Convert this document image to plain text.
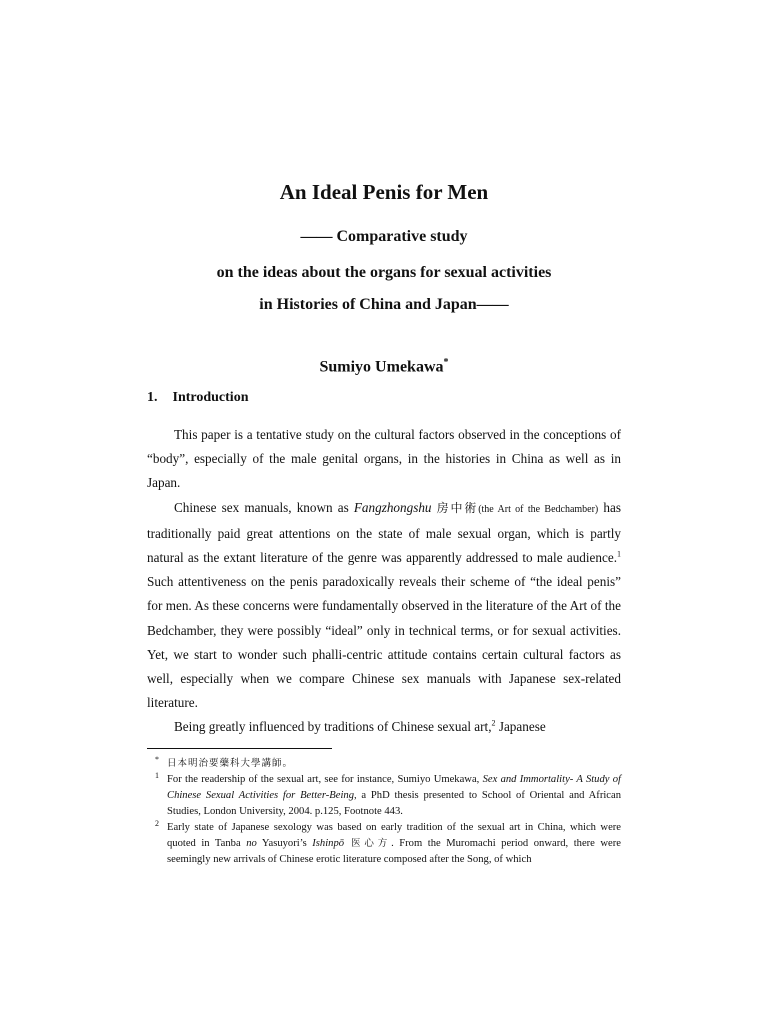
An Ideal Penis for Men
—— Comparative study
on the ideas about the organs for sexual activities
in Histories of China and Japan——
Sumiyo Umekawa*
1. Introduction

This paper is a tentative study on the cultural factors observed in the conceptions of “body”, especially of the male genital organs, in the histories in China as well as in Japan.

Chinese sex manuals, known as Fangzhongshu 房中術(the Art of the Bedchamber) has traditionally paid great attentions on the state of male sexual organ, which is partly natural as the extant literature of the genre was apparently addressed to male audience.$^1$ Such attentiveness on the penis paradoxically reveals their scheme of “the ideal penis” for men. As these concerns were fundamentally observed in the literature of the Art of the Bedchamber, they were possibly “ideal” only in technical terms, or for sexual activities. Yet, we start to wonder such phalli-centric attitude contains certain cultural factors as well, especially when we compare Chinese sex manuals with Japanese sex-related literature.

Being greatly influenced by traditions of Chinese sexual art,$^2$ Japanese

* 日本明治要藥科大學講師。

1 For the readership of the sexual art, see for instance, Sumiyo Umekawa, Sex and Immortality- A Study of Chinese Sexual Activities for Better-Being, a PhD thesis presented to School of Oriental and African Studies, London University, 2004. p.125, Footnote 443.

2 Early state of Japanese sexology was based on early tradition of the sexual art in China, which were quoted in Tanba no Yasuyori’s Ishinpō 医心方. From the Muromachi period onward, there were seemingly new arrivals of Chinese erotic literature composed after the Song, of which
